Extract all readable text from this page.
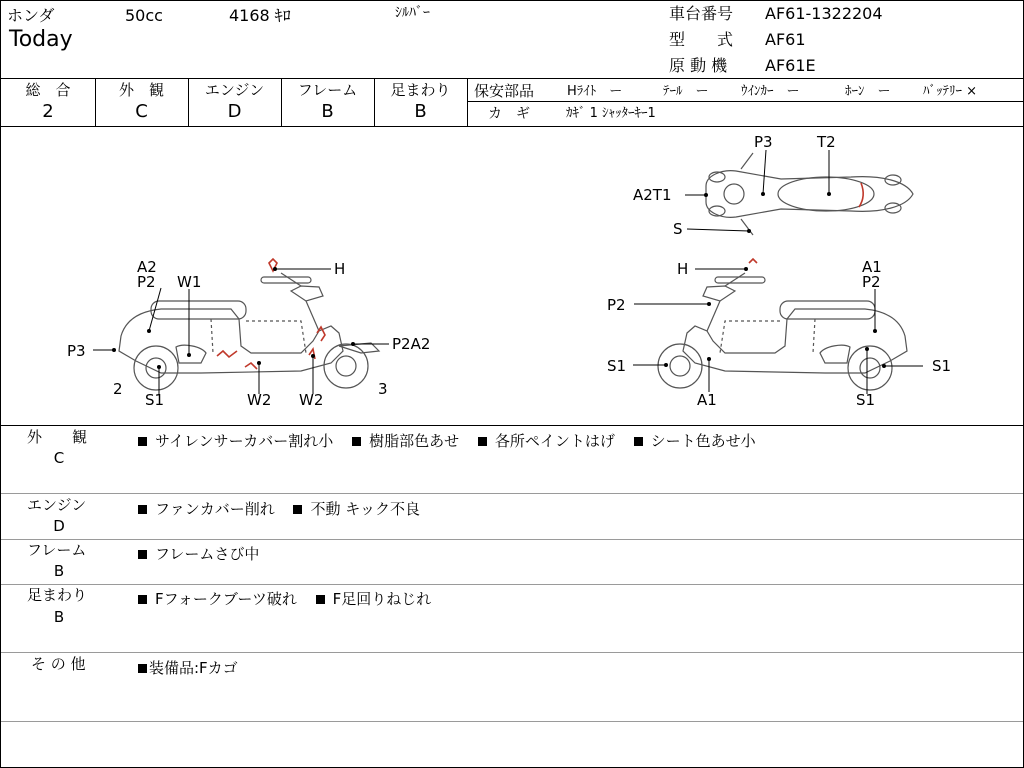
ホンダ	50cc	4168 ｷﾛ	ｼﾙﾊﾞｰ
Today
車台番号 AF61-1322204
型　　式 AF61
原 動 機 AF61E
総　合
2
外　観
C
エンジン
D
フレーム
B
足まわり
B
保安部品	Hﾗｲﾄ　ー	ﾃｰﾙ　ー ｳｲﾝｶｰ　ー	ﾎｰﾝ　ー ﾊﾞｯﾃﾘｰ ×
カ　ギ	ｶｷﾞ 1 ｼｬｯﾀｰｷｰ1
A2
P2 W1
H
P3	P2A2
2
S1	W2 W2
3
H	A1
P2
P2
S1	S1
A1	S1
P3	T2
A2T1
S
外　　観
C
サイレンサーカバー割れ小 樹脂部色あせ 各所ペイントはげ シート色あせ小
エンジン
D
ファンカバー削れ 不動 キック不良
フレーム
B
フレームさび中
足まわり
B
Fフォークブーツ破れ F足回りねじれ
そ の 他	装備品:Fカゴ
